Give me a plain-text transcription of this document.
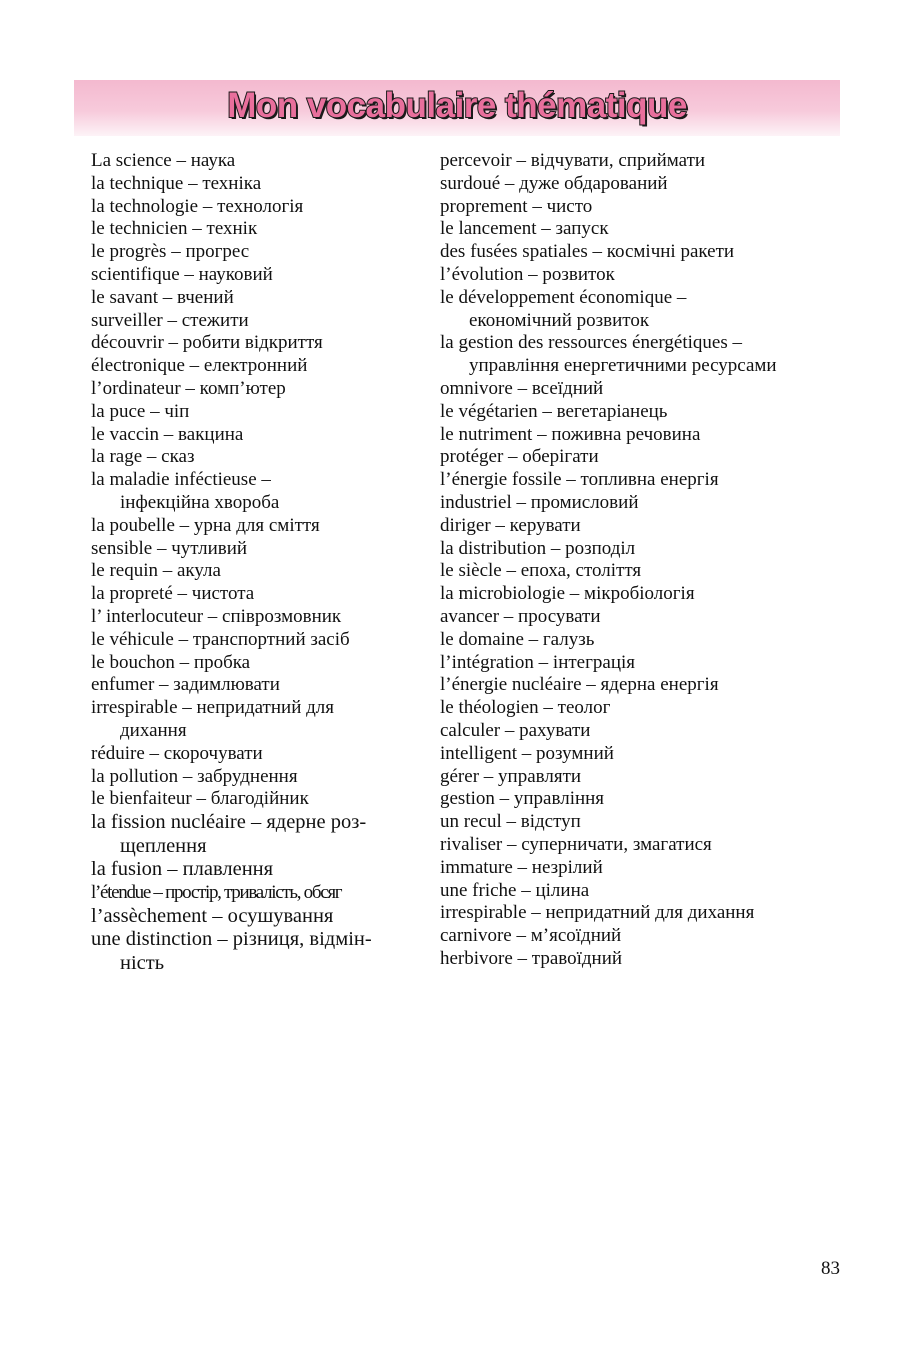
Mon vocabulaire thématique
La science – наука
la technique – техніка
la technologie – технологія
le technicien – технік
le progrès – прогрес
scientifique – науковий
le savant – вчений
surveiller – стежити
découvrir – робити відкриття
électronique – електронний
l’ordinateur – комп’ютер
la puce – чіп
le vaccin – вакцина
la rage – сказ
la maladie inféctieuse –
інфекційна хвороба
la poubelle – урна для сміття
sensible – чутливий
le requin – акула
la propreté – чистота
l’ interlocuteur – співрозмовник
le véhicule – транспортний засіб
le bouchon – пробка
enfumer – задимлювати
irrespirable – непридатний для
дихання
réduire – скорочувати
la pollution – забруднення
le bienfaiteur – благодійник
la fission nucléaire – ядерне роз-
щеплення
la fusion – плавлення
l’étendue – простір, тривалість, обсяг
l’assèchement – осушування
une distinction – різниця, відмін-
ність
percevoir – відчувати, сприймати
surdoué – дуже обдарований
proprement – чисто
le lancement – запуск
des fusées spatiales – космічні ракети
l’évolution – розвиток
le développement économique –
економічний розвиток
la gestion des ressources énergétiques –
управління енергетичними ресурсами
omnivore – всеїдний
le végétarien – вегетаріанець
le nutriment – поживна речовина
protéger – оберігати
l’énergie fossile – топливна енергія
industriel – промисловий
diriger – керувати
la distribution – розподіл
le siècle – епоха, століття
la microbiologie – мікробіологія
avancer – просувати
le domaine – галузь
l’intégration – інтеграція
l’énergie nucléaire – ядерна енергія
le théologien – теолог
calculer – рахувати
intelligent – розумний
gérer – управляти
gestion – управління
un recul – відступ
rivaliser – суперничати, змагатися
immature – незрілий
une friche – цілина
irrespirable – непридатний для дихання
carnivore – м’ясоїдний
herbivore – травоїдний
83
